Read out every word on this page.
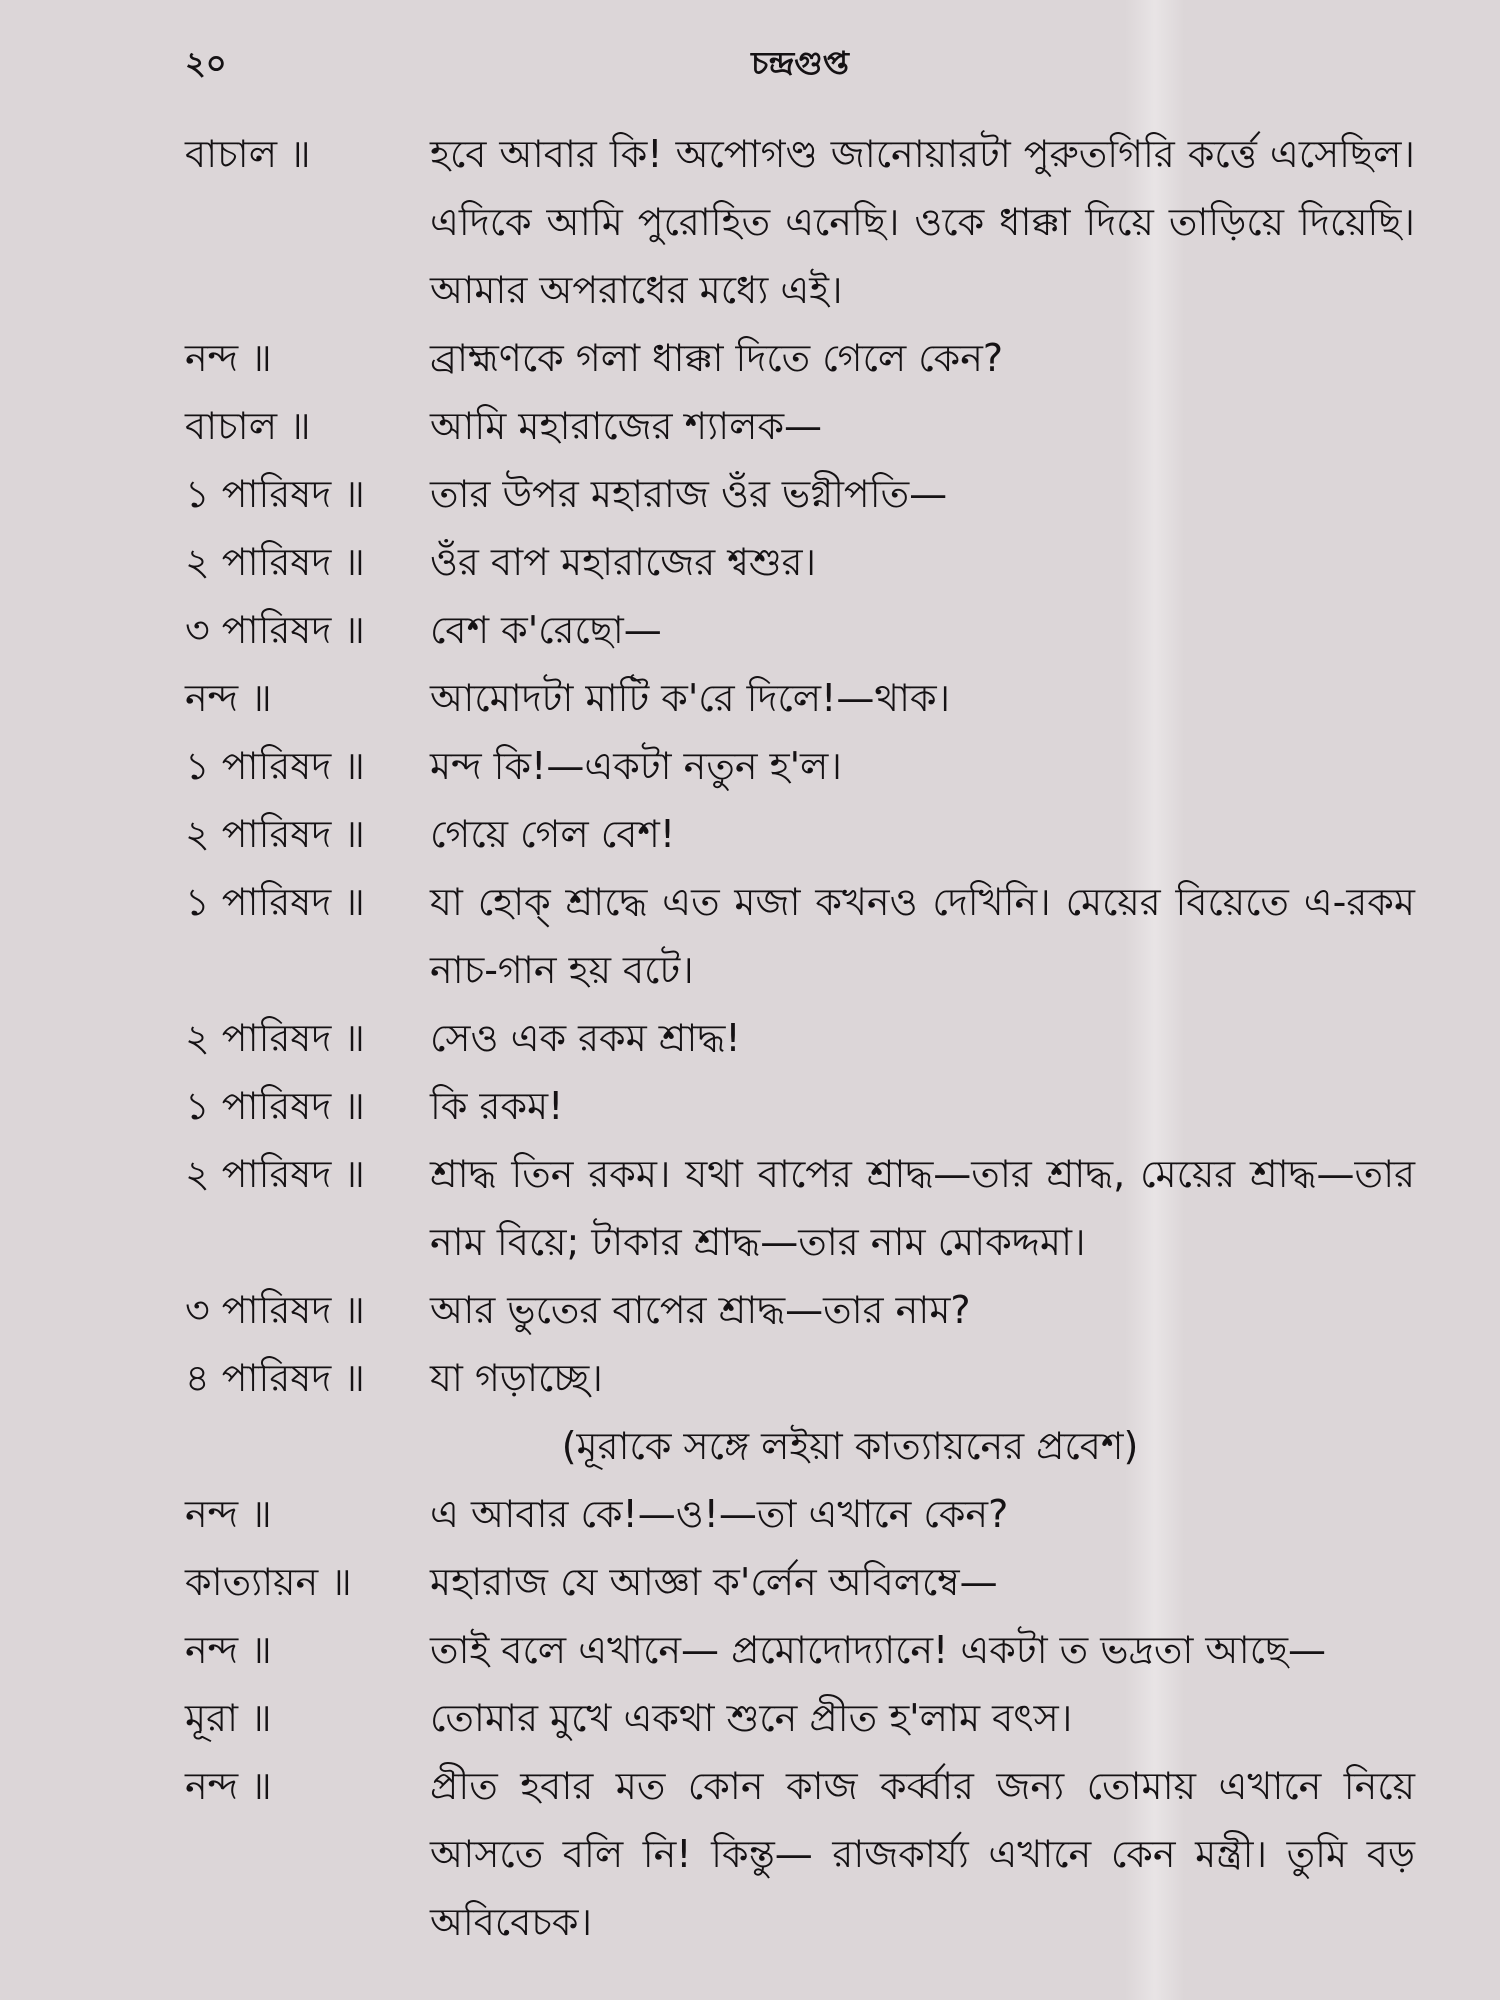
২০	চন্দ্রগুপ্ত
বাচাল ॥	হবে আবার কি! অপোগণ্ড জানোয়ারটা পুরুতগিরি কর্ত্তে এসেছিল। এদিকে আমি পুরোহিত এনেছি। ওকে ধাক্কা দিয়ে তাড়িয়ে দিয়েছি। আমার অপরাধের মধ্যে এই।
নন্দ ॥	ব্রাহ্মণকে গলা ধাক্কা দিতে গেলে কেন?
বাচাল ॥	আমি মহারাজের শ্যালক—
১ পারিষদ ॥	তার উপর মহারাজ ওঁর ভগ্নীপতি—
২ পারিষদ ॥	ওঁর বাপ মহারাজের শ্বশুর।
৩ পারিষদ ॥	বেশ ক'রেছো—
নন্দ ॥	আমোদটা মাটি ক'রে দিলে!—থাক।
১ পারিষদ ॥	মন্দ কি!—একটা নতুন হ'ল।
২ পারিষদ ॥	গেয়ে গেল বেশ!
১ পারিষদ ॥	যা হোক্ শ্রাদ্ধে এত মজা কখনও দেখিনি। মেয়ের বিয়েতে এ-রকম নাচ-গান হয় বটে।
২ পারিষদ ॥	সেও এক রকম শ্রাদ্ধ!
১ পারিষদ ॥	কি রকম!
২ পারিষদ ॥	শ্রাদ্ধ তিন রকম। যথা বাপের শ্রাদ্ধ—তার শ্রাদ্ধ, মেয়ের শ্রাদ্ধ—তার নাম বিয়ে; টাকার শ্রাদ্ধ—তার নাম মোকদ্দমা।
৩ পারিষদ ॥	আর ভুতের বাপের শ্রাদ্ধ—তার নাম?
৪ পারিষদ ॥	যা গড়াচ্ছে।
(মূরাকে সঙ্গে লইয়া কাত্যায়নের প্রবেশ)
নন্দ ॥	এ আবার কে!—ও!—তা এখানে কেন?
কাত্যায়ন ॥	মহারাজ যে আজ্ঞা ক'র্লেন অবিলম্বে—
নন্দ ॥	তাই বলে এখানে— প্রমোদোদ্যানে! একটা ত ভদ্রতা আছে—
মূরা ॥	তোমার মুখে একথা শুনে প্রীত হ'লাম বৎস।
নন্দ ॥	প্রীত হবার মত কোন কাজ কর্ব্বার জন্য তোমায় এখানে নিয়ে আসতে বলি নি! কিন্তু— রাজকার্য্য এখানে কেন মন্ত্রী। তুমি বড় অবিবেচক।
